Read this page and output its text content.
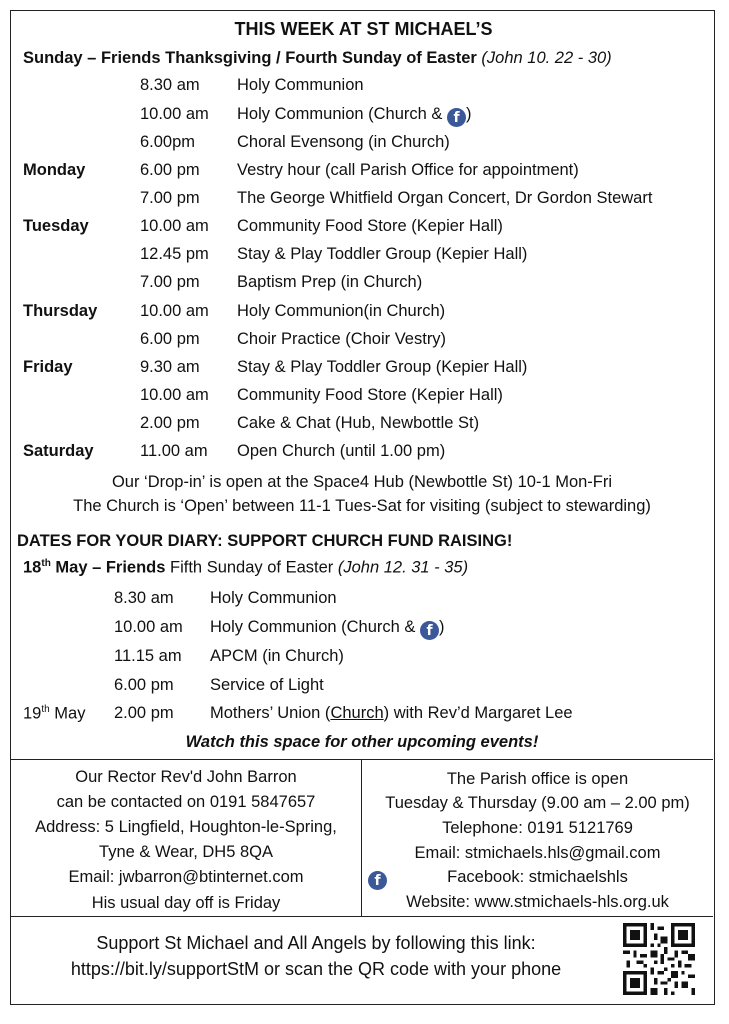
THIS WEEK AT ST MICHAEL’S
Sunday – Friends Thanksgiving / Fourth Sunday of Easter (John 10. 22 - 30)
8.30 am Holy Communion
10.00 am Holy Communion (Church & f )
6.00pm	Choral Evensong (in Church)
Monday	6.00 pm Vestry hour (call Parish Office for appointment)
7.00 pm The George Whitfield Organ Concert, Dr Gordon Stewart
Tuesday	10.00 am Community Food Store (Kepier Hall)
12.45 pm Stay & Play Toddler Group (Kepier Hall)
7.00 pm Baptism Prep (in Church)
Thursday	10.00 am Holy Communion(in Church)
6.00 pm Choir Practice (Choir Vestry)
Friday	9.30 am Stay & Play Toddler Group (Kepier Hall)
10.00 am Community Food Store (Kepier Hall)
2.00 pm Cake & Chat (Hub, Newbottle St)
Saturday	11.00 am Open Church (until 1.00 pm)
Our ‘Drop-in’ is open at the Space4 Hub (Newbottle St) 10-1 Mon-Fri
The Church is ‘Open’ between 11-1 Tues-Sat for visiting (subject to stewarding)
DATES FOR YOUR DIARY: SUPPORT CHURCH FUND RAISING!
18th May – Friends Fifth Sunday of Easter (John 12. 31 - 35)
8.30 am Holy Communion
10.00 am Holy Communion (Church & f )
11.15 am APCM (in Church)
6.00 pm Service of Light
19th May 2.00 pm Mothers’ Union (Church) with Rev’d Margaret Lee
Watch this space for other upcoming events!
Our Rector Rev'd John Barron
can be contacted on 0191 5847657
Address: 5 Lingfield, Houghton-le-Spring,
Tyne & Wear, DH5 8QA
Email: jwbarron@btinternet.com
His usual day off is Friday
The Parish office is open
Tuesday & Thursday (9.00 am – 2.00 pm)
Telephone: 0191 5121769
Email: stmichaels.hls@gmail.com
f	Facebook: stmichaelshls
Website: www.stmichaels-hls.org.uk
Support St Michael and All Angels by following this link:
https://bit.ly/supportStM or scan the QR code with your phone
